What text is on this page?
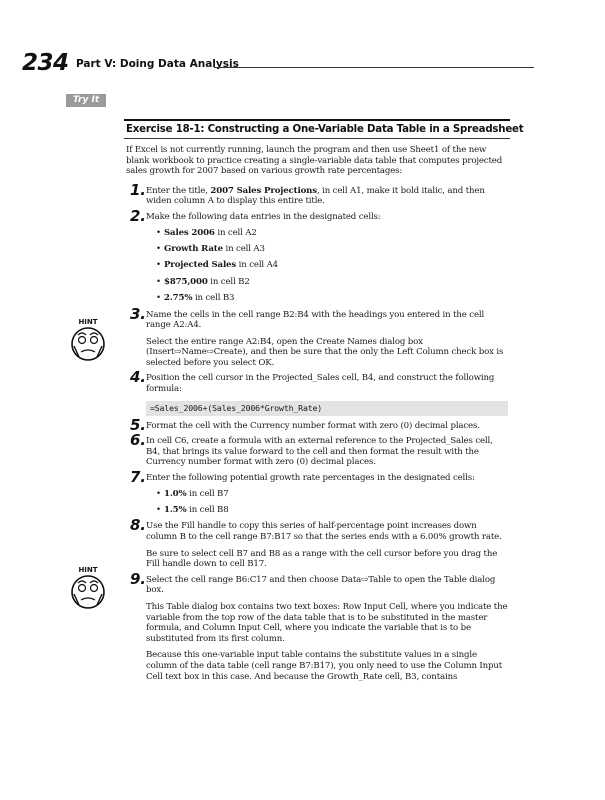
234 Part V: Doing Data Analysis
Try It
Exercise 18-1: Constructing a One-Variable Data Table in a Spreadsheet
HINT
HINT

If Excel is not currently running, launch the program and then use Sheet1 of the new blank workbook to practice creating a single-variable data table that computes projected sales growth for 2007 based on various growth rate percentages:

1. Enter the title, 2007 Sales Projections, in cell A1, make it bold italic, and then widen column A to display this entire title.

2. Make the following data entries in the designated cells:

• Sales 2006 in cell A2
• Growth Rate in cell A3
• Projected Sales in cell A4
• $875,000 in cell B2
• 2.75% in cell B3
3. Name the cells in the cell range B2:B4 with the headings you entered in the cell range A2:A4.

Select the entire range A2:B4, open the Create Names dialog box (Insert⇨Name⇨Create), and then be sure that the only the Left Column check box is selected before you select OK.

4. Position the cell cursor in the Projected_Sales cell, B4, and construct the following formula:

=Sales_2006+(Sales_2006*Growth_Rate)
5. Format the cell with the Currency number format with zero (0) decimal places.

6. In cell C6, create a formula with an external reference to the Projected_Sales cell, B4, that brings its value forward to the cell and then format the result with the Currency number format with zero (0) decimal places.

7. Enter the following potential growth rate percentages in the designated cells:

• 1.0% in cell B7
• 1.5% in cell B8
8. Use the Fill handle to copy this series of half-percentage point increases down column B to the cell range B7:B17 so that the series ends with a 6.00% growth rate.

Be sure to select cell B7 and B8 as a range with the cell cursor before you drag the Fill handle down to cell B17.

9. Select the cell range B6:C17 and then choose Data⇨Table to open the Table dialog box.

This Table dialog box contains two text boxes: Row Input Cell, where you indicate the variable from the top row of the data table that is to be substituted in the master formula, and Column Input Cell, where you indicate the variable that is to be substituted from its first column.

Because this one-variable input table contains the substitute values in a single column of the data table (cell range B7:B17), you only need to use the Column Input Cell text box in this case. And because the Growth_Rate cell, B3, contains
